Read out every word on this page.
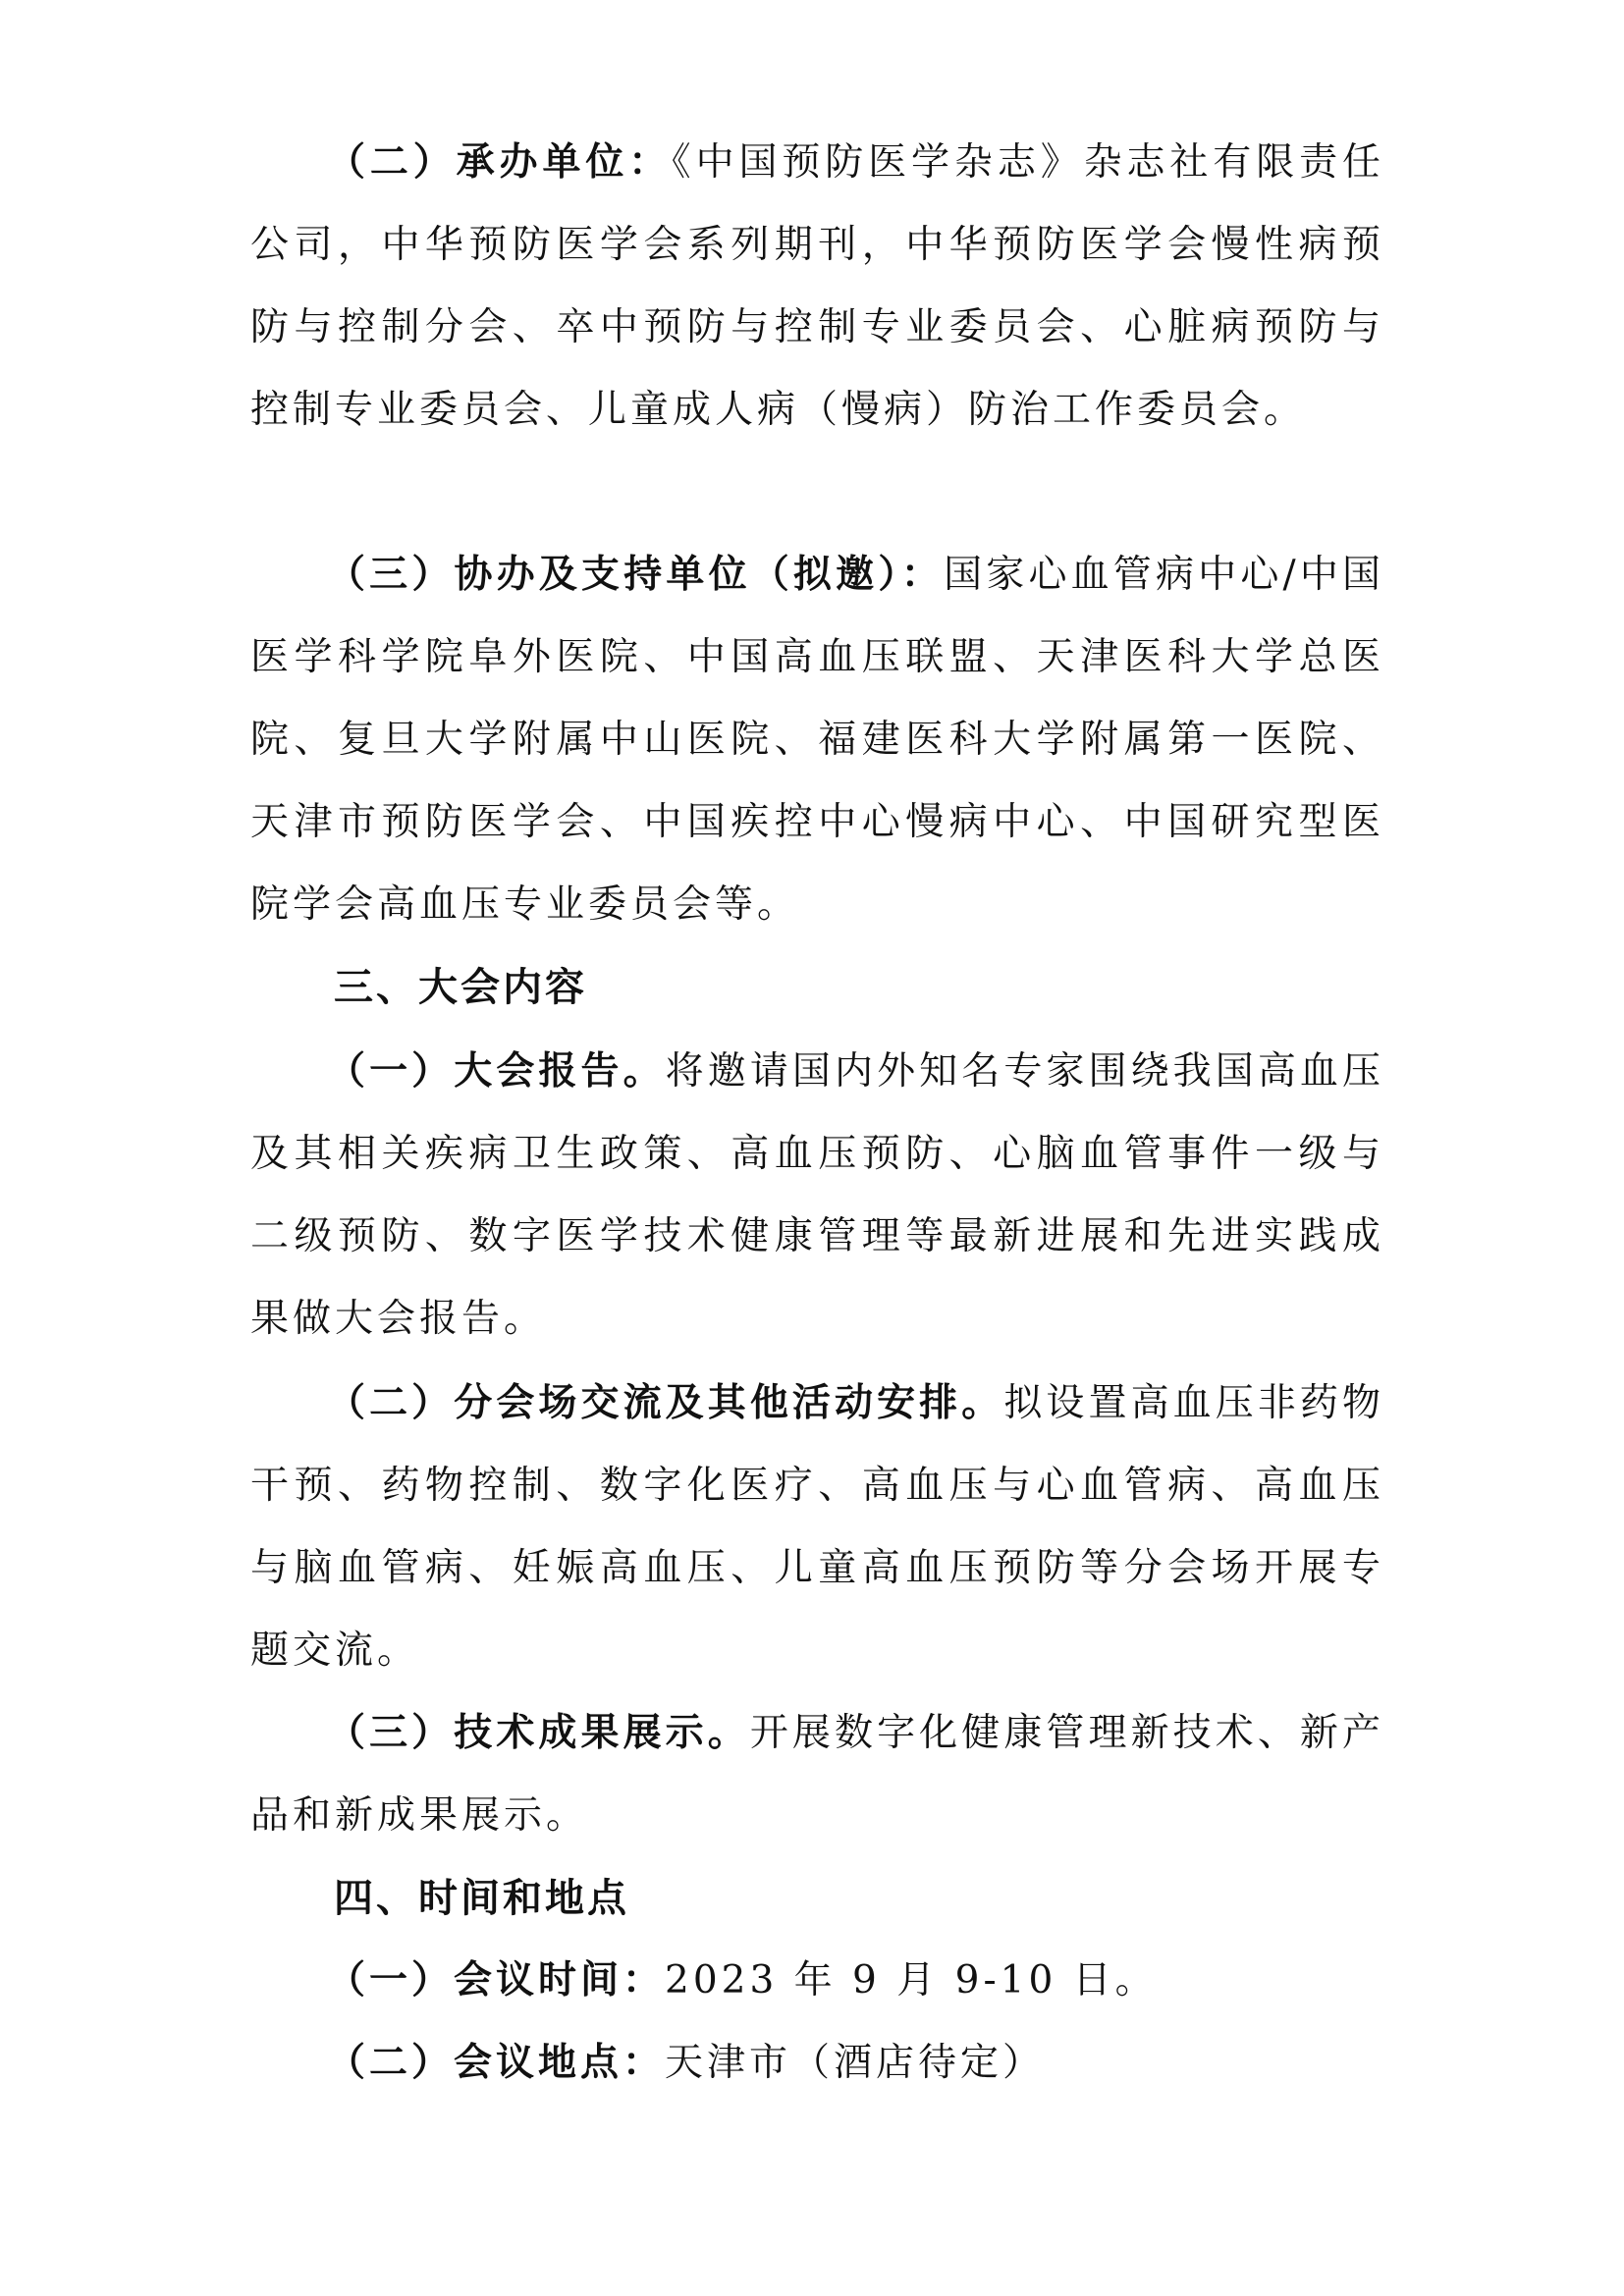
（二）承办单位：《中国预防医学杂志》杂志社有限责任公司，中华预防医学会系列期刊，中华预防医学会慢性病预防与控制分会、卒中预防与控制专业委员会、心脏病预防与控制专业委员会、儿童成人病（慢病）防治工作委员会。

（三）协办及支持单位（拟邀）：国家心血管病中心/中国医学科学院阜外医院、中国高血压联盟、天津医科大学总医院、复旦大学附属中山医院、福建医科大学附属第一医院、天津市预防医学会、中国疾控中心慢病中心、中国研究型医院学会高血压专业委员会等。

三、大会内容

（一）大会报告。将邀请国内外知名专家围绕我国高血压及其相关疾病卫生政策、高血压预防、心脑血管事件一级与二级预防、数字医学技术健康管理等最新进展和先进实践成果做大会报告。

（二）分会场交流及其他活动安排。拟设置高血压非药物干预、药物控制、数字化医疗、高血压与心血管病、高血压与脑血管病、妊娠高血压、儿童高血压预防等分会场开展专题交流。

（三）技术成果展示。开展数字化健康管理新技术、新产品和新成果展示。

四、时间和地点

（一）会议时间：2023 年 9 月 9-10 日。

（二）会议地点：天津市（酒店待定）
